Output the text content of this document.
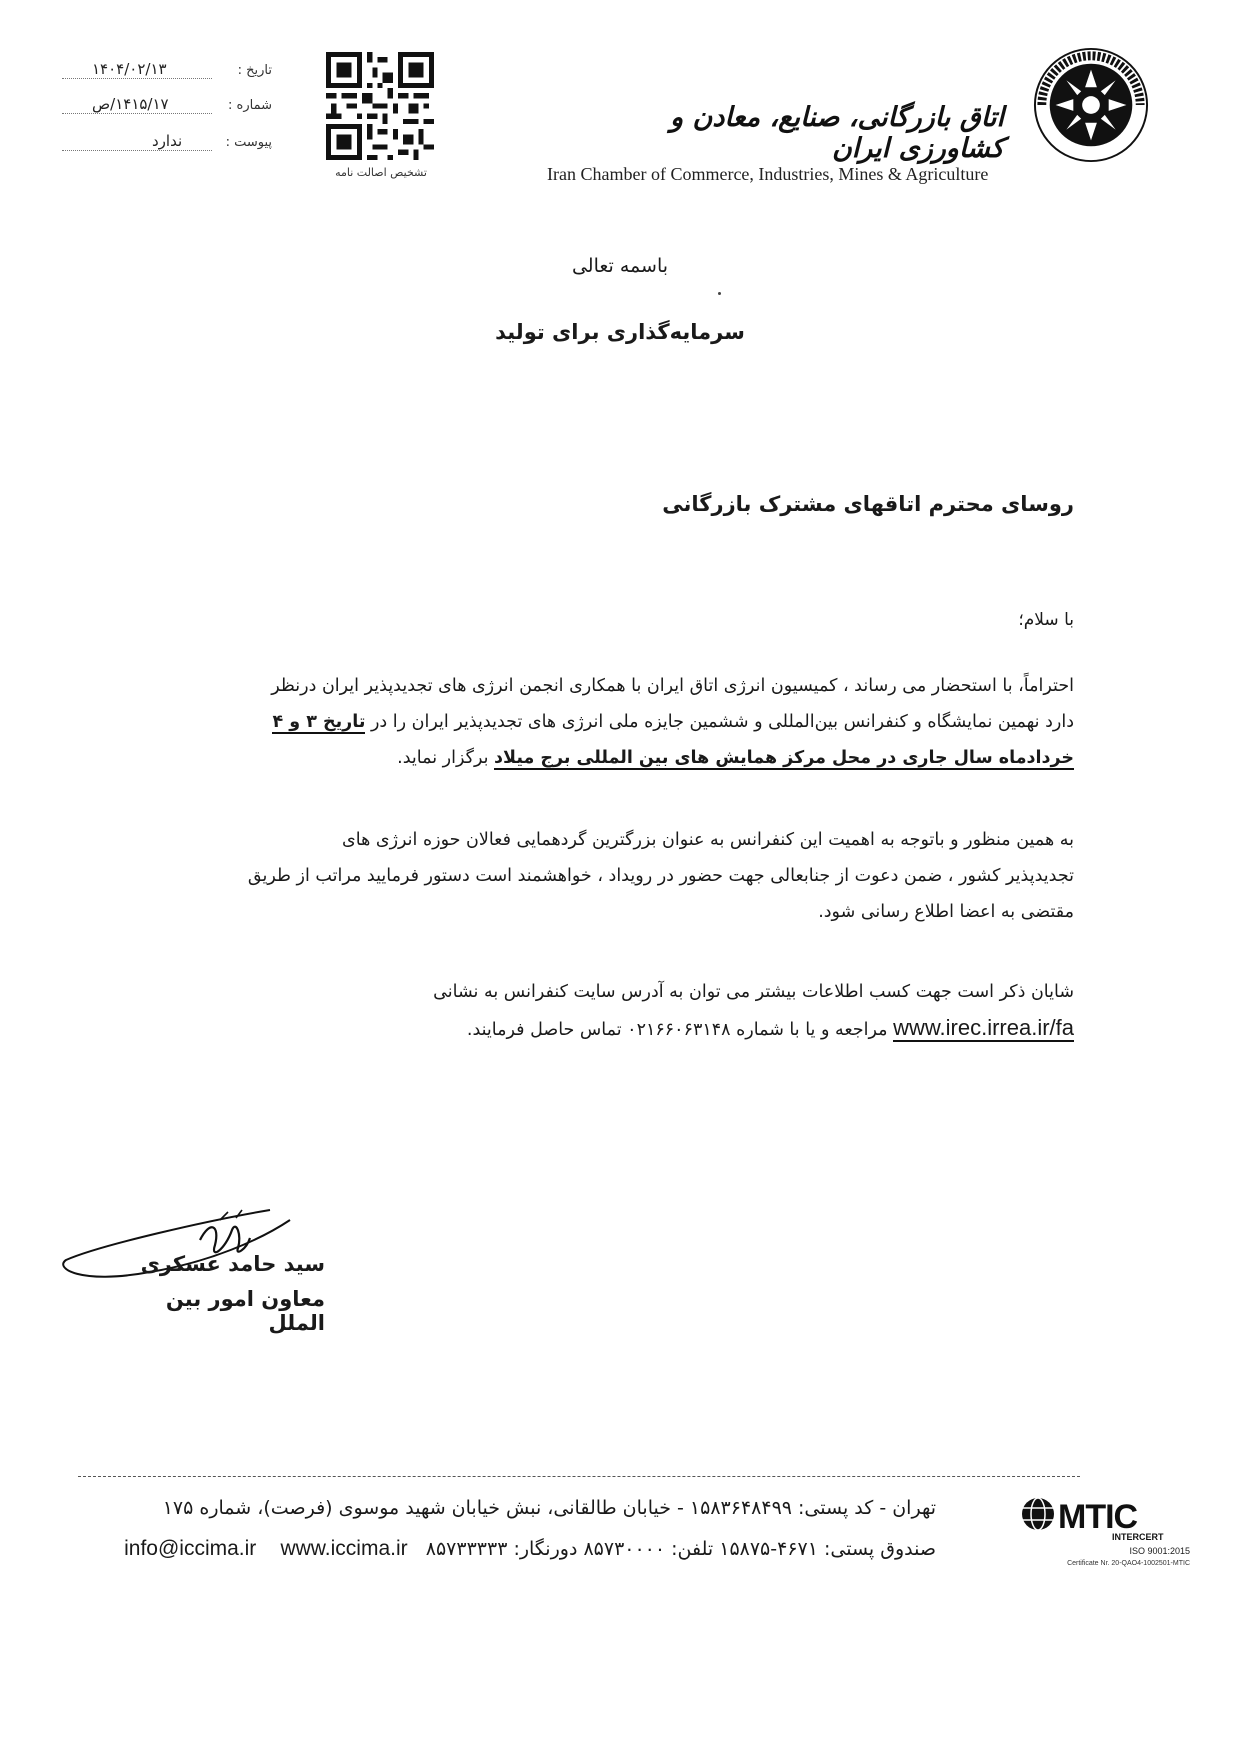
اتاق بازرگانی، صنایع، معادن و کشاورزی ایران
Iran Chamber of Commerce, Industries, Mines & Agriculture
تشخیص اصالت نامه
تاریخ :
۱۴۰۴/۰۲/۱۳
شماره :
۱۴۱۵/۱۷/ص
پیوست :
ندارد
باسمه تعالی
سرمایه‌گذاری برای تولید
روسای محترم اتاقهای مشترک بازرگانی
با سلام؛
احتراماً، با استحضار می رساند ، کمیسیون انرژی اتاق ایران با همکاری انجمن انرژی های تجدیدپذیر ایران درنظر
دارد نهمین نمایشگاه و کنفرانس بین‌المللی و ششمین جایزه ملی انرژی های تجدیدپذیر ایران را در تاریخ ۳ و ۴
خردادماه سال جاری در محل مرکز همایش های بین المللی برج میلاد برگزار نماید.
به همین منظور و باتوجه به اهمیت این کنفرانس به عنوان بزرگترین گردهمایی فعالان حوزه انرژی های
تجدیدپذیر کشور ، ضمن دعوت از جنابعالی جهت حضور در رویداد ، خواهشمند است دستور فرمایید مراتب از طریق
مقتضی به اعضا اطلاع رسانی شود.
شایان ذکر است جهت کسب اطلاعات بیشتر می توان به آدرس سایت کنفرانس به نشانی
www.irec.irrea.ir/fa مراجعه و یا با شماره ۰۲۱۶۶۰۶۳۱۴۸ تماس حاصل فرمایند.
سید حامد عسکری
معاون امور بین الملل
تهران - کد پستی: ۱۵۸۳۶۴۸۴۹۹ - خیابان طالقانی، نبش خیابان شهید موسوی (فرصت)، شماره ۱۷۵
صندوق پستی: ۴۶۷۱-۱۵۸۷۵ تلفن: ۸۵۷۳۰۰۰۰ دورنگار: ۸۵۷۳۳۳۳۳   info@iccima.ir www.iccima.ir
MTIC
INTERCERT
ISO 9001:2015
Certificate Nr. 20-QAO4-1002501-MTIC
